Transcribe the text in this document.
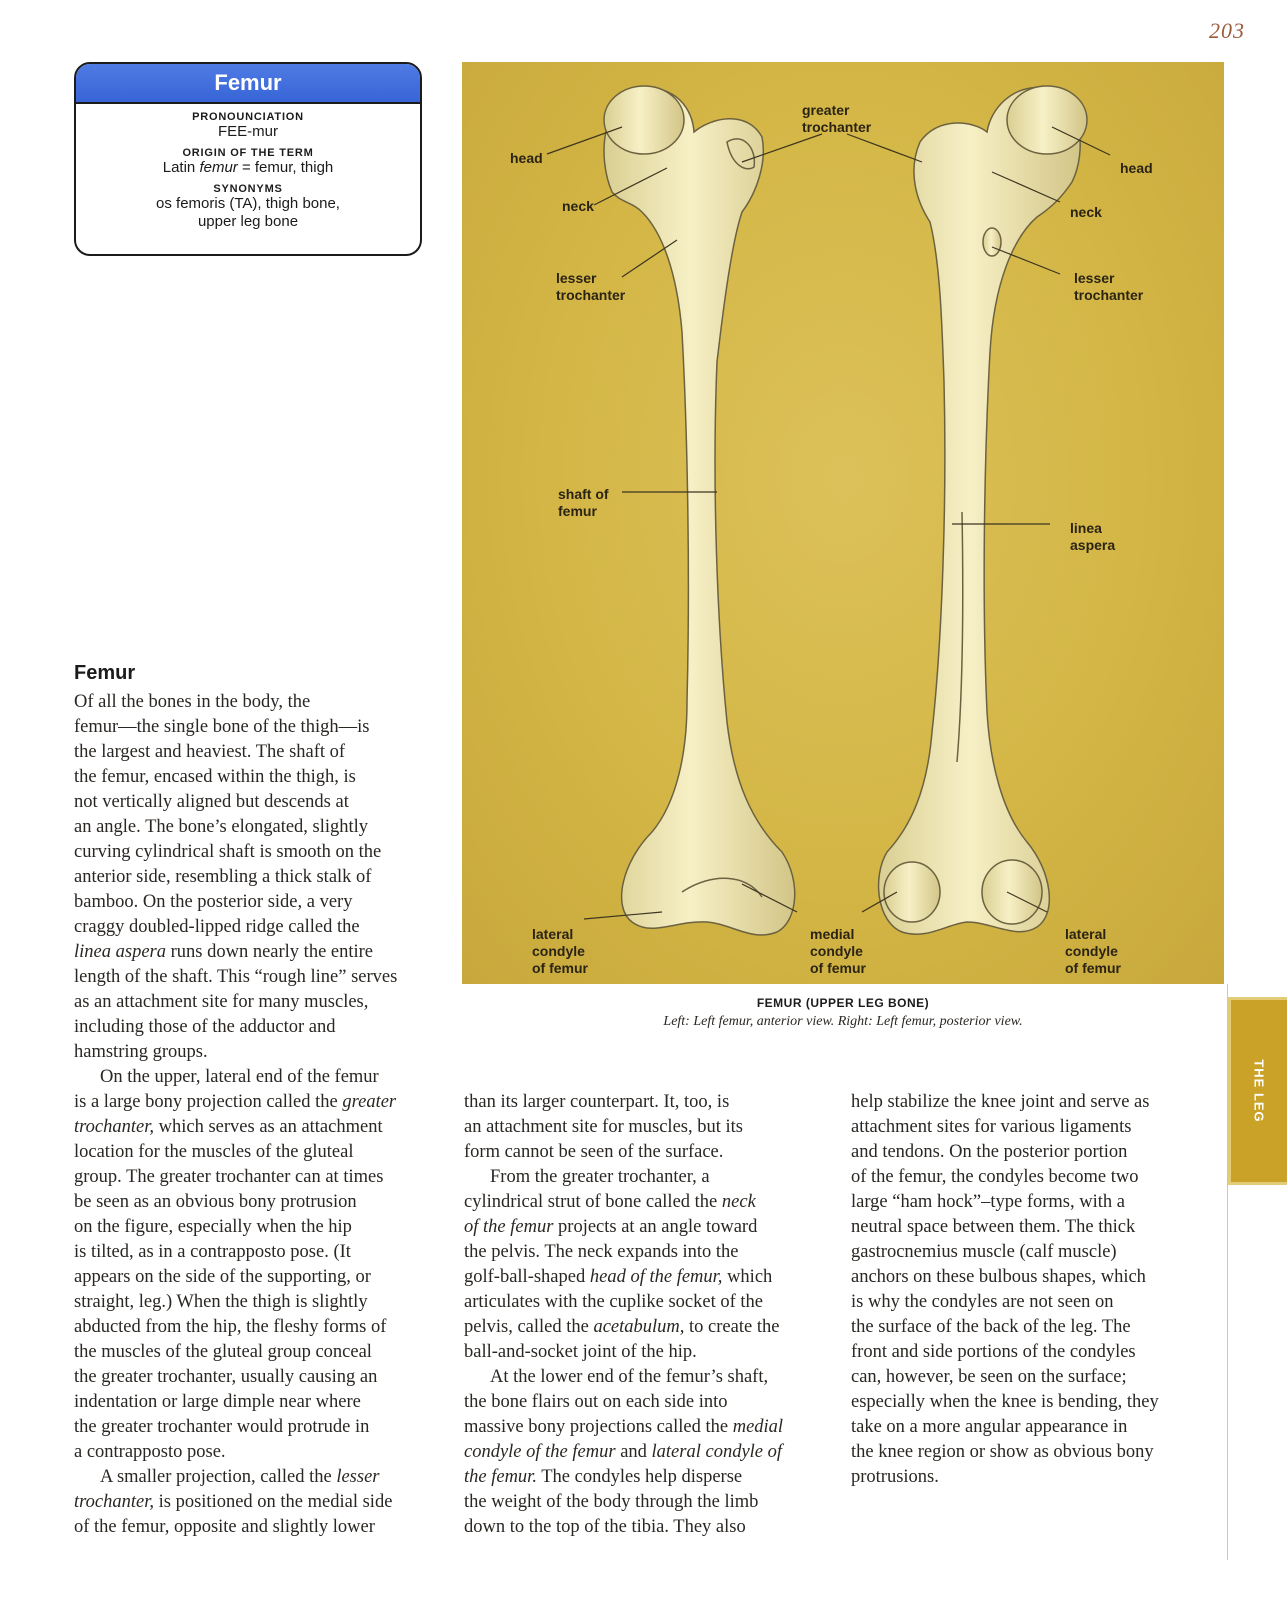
203
Femur
PRONOUNCIATION
FEE-mur
ORIGIN OF THE TERM
Latin femur = femur, thigh
SYNONYMS
os femoris (TA), thigh bone,
upper leg bone
head
neck
lesser
trochanter
shaft of
femur
lateral
condyle
of femur
greater
trochanter
head
neck
lesser
trochanter
linea
aspera
medial
condyle
of femur
lateral
condyle
of femur
FEMUR (UPPER LEG BONE)
Left: Left femur, anterior view. Right: Left femur, posterior view.
Femur
Of all the bones in the body, the
femur—the single bone of the thigh—is
the largest and heaviest. The shaft of
the femur, encased within the thigh, is
not vertically aligned but descends at
an angle. The bone’s elongated, slightly
curving cylindrical shaft is smooth on the
anterior side, resembling a thick stalk of
bamboo. On the posterior side, a very
craggy doubled-lipped ridge called the
linea aspera runs down nearly the entire
length of the shaft. This “rough line” serves
as an attachment site for many muscles,
including those of the adductor and
hamstring groups.
On the upper, lateral end of the femur
is a large bony projection called the greater
trochanter, which serves as an attachment
location for the muscles of the gluteal
group. The greater trochanter can at times
be seen as an obvious bony protrusion
on the figure, especially when the hip
is tilted, as in a contrapposto pose. (It
appears on the side of the supporting, or
straight, leg.) When the thigh is slightly
abducted from the hip, the fleshy forms of
the muscles of the gluteal group conceal
the greater trochanter, usually causing an
indentation or large dimple near where
the greater trochanter would protrude in
a contrapposto pose.
A smaller projection, called the lesser
trochanter, is positioned on the medial side
of the femur, opposite and slightly lower
than its larger counterpart. It, too, is
an attachment site for muscles, but its
form cannot be seen of the surface.
From the greater trochanter, a
cylindrical strut of bone called the neck
of the femur projects at an angle toward
the pelvis. The neck expands into the
golf-ball-shaped head of the femur, which
articulates with the cuplike socket of the
pelvis, called the acetabulum, to create the
ball-and-socket joint of the hip.
At the lower end of the femur’s shaft,
the bone flairs out on each side into
massive bony projections called the medial
condyle of the femur and lateral condyle of
the femur. The condyles help disperse
the weight of the body through the limb
down to the top of the tibia. They also
help stabilize the knee joint and serve as
attachment sites for various ligaments
and tendons. On the posterior portion
of the femur, the condyles become two
large “ham hock”–type forms, with a
neutral space between them. The thick
gastrocnemius muscle (calf muscle)
anchors on these bulbous shapes, which
is why the condyles are not seen on
the surface of the back of the leg. The
front and side portions of the condyles
can, however, be seen on the surface;
especially when the knee is bending, they
take on a more angular appearance in
the knee region or show as obvious bony
protrusions.
THE LEG
